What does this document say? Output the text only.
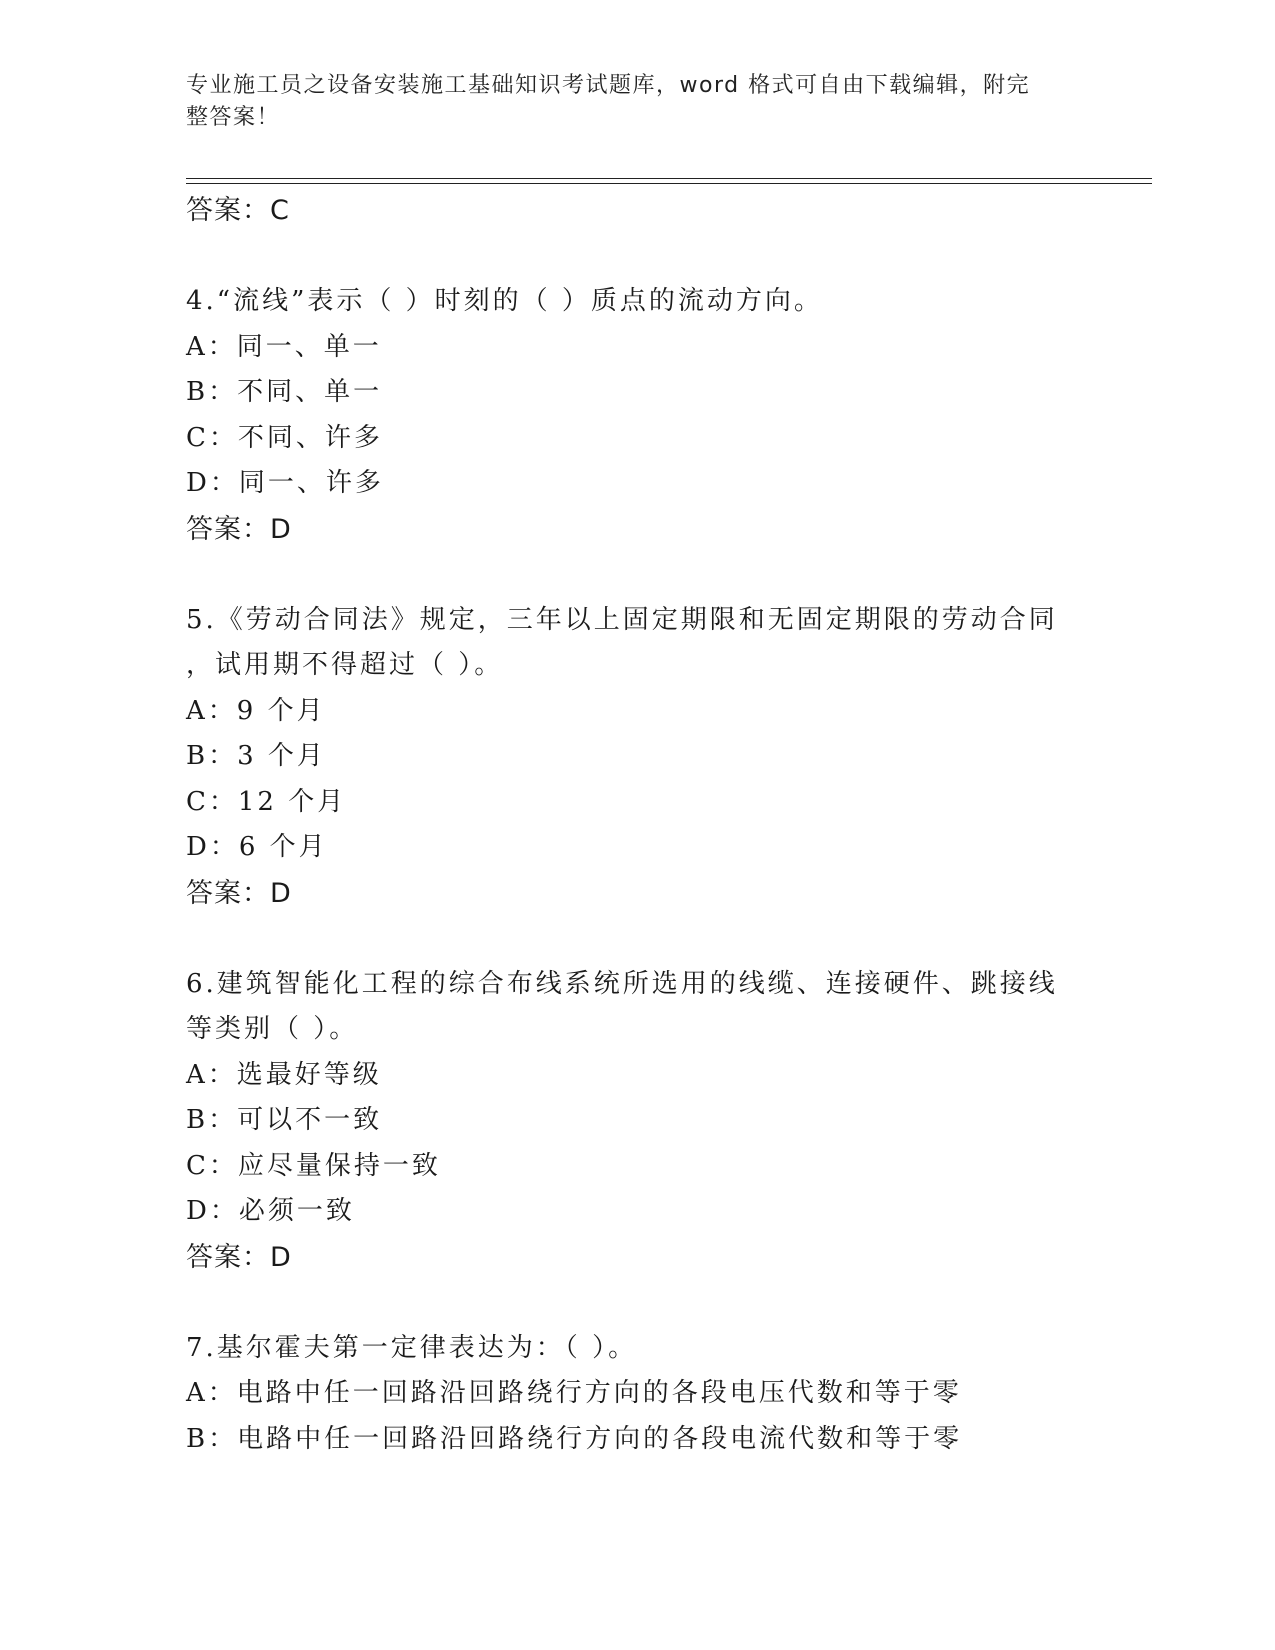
专业施工员之设备安装施工基础知识考试题库，word 格式可自由下载编辑，附完
整答案！
答案：C
4.“流线”表示（ ）时刻的（ ）质点的流动方向。
A：同一、单一
B：不同、单一
C：不同、许多
D：同一、许多
答案：D
5.《劳动合同法》规定，三年以上固定期限和无固定期限的劳动合同
，试用期不得超过（ ）。
A：9 个月
B：3 个月
C：12 个月
D：6 个月
答案：D
6.建筑智能化工程的综合布线系统所选用的线缆、连接硬件、跳接线
等类别（ ）。
A：选最好等级
B：可以不一致
C：应尽量保持一致
D：必须一致
答案：D
7.基尔霍夫第一定律表达为：（ ）。
A：电路中任一回路沿回路绕行方向的各段电压代数和等于零
B：电路中任一回路沿回路绕行方向的各段电流代数和等于零
